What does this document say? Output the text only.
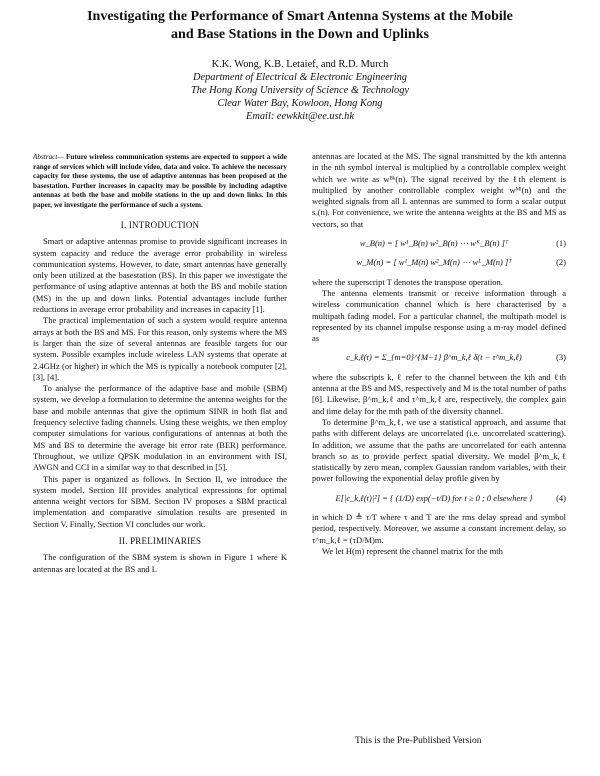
Investigating the Performance of Smart Antenna Systems at the Mobile
and Base Stations in the Down and Uplinks
K.K. Wong, K.B. Letaief, and R.D. Murch
Department of Electrical & Electronic Engineering
The Hong Kong University of Science & Technology
Clear Water Bay, Kowloon, Hong Kong
Email: eewkkit@ee.ust.hk
Abstract— Future wireless communication systems are expected to support a wide range of services which will include video, data and voice. To achieve the necessary capacity for these systems, the use of adaptive antennas has been proposed at the basestation. Further increases in capacity may be possible by including adaptive antennas at both the base and mobile stations in the up and down links. In this paper, we investigate the performance of such a system.
I. INTRODUCTION

Smart or adaptive antennas promise to provide significant increases in system capacity and reduce the average error probability in wireless communication systems. However, to date, smart antennas have generally only been utilized at the basestation (BS). In this paper we investigate the performance of using adaptive antennas at both the BS and mobile station (MS) in the up and down links. Potential advantages include further reductions in average error probability and increases in capacity [1].

The practical implementation of such a system would require antenna arrays at both the BS and MS. For this reason, only systems where the MS is larger than the size of several antennas are feasible targets for our system. Possible examples include wireless LAN systems that operate at 2.4GHz (or higher) in which the MS is typically a notebook computer [2], [3], [4].

To analyse the performance of the adaptive base and mobile (SBM) system, we develop a formulation to determine the antenna weights for the base and mobile antennas that give the optimum SINR in both flat and frequency selective fading channels. Using these weights, we then employ computer simulations for various configurations of antennas at both the MS and BS to determine the average bit error rate (BER) performance. Throughout, we utilize QPSK modulation in an environment with ISI, AWGN and CCI in a similar way to that described in [5].

This paper is organized as follows. In Section II, we introduce the system model. Section III provides analytical expressions for optimal antenna weight vectors for SBM. Section IV proposes a SBM practical implementation and comparative simulation results are presented in Section V. Finally, Section VI concludes our work.

II. PRELIMINARIES

The configuration of the SBM system is shown in Figure 1 where K antennas are located at the BS and L

antennas are located at the MS. The signal transmitted by the kth antenna in the nth symbol interval is multiplied by a controllable complex weight which we write as wᴮᵏ(n). The signal received by the ℓth element is multiplied by another controllable complex weight wᴹˡ(n) and the weighted signals from all L antennas are summed to form a scalar output sₒ(n). For convenience, we write the antenna weights at the BS and MS as vectors, so that

w_B(n) = [ w¹_B(n) w²_B(n) ⋯ wᴷ_B(n) ]ᵀ	(1)
w_M(n) = [ w¹_M(n) w²_M(n) ⋯ wᴸ_M(n) ]ᵀ	(2)

where the superscript T denotes the transpose operation.

The antenna elements transmit or receive information through a wireless communication channel which is here characterised by a multipath fading model. For a particular channel, the multipath model is represented by its channel impulse response using a m-ray model defined as

c_k,ℓ(t) = Σ_{m=0}^{M−1} β^m_k,ℓ δ(t − τ^m_k,ℓ)	(3)

where the subscripts k, ℓ refer to the channel between the kth and ℓth antenna at the BS and MS, respectively and M is the total number of paths [6]. Likewise, β^m_k,ℓ and τ^m_k,ℓ are, respectively, the complex gain and time delay for the mth path of the diversity channel.

To determine β^m_k,ℓ, we use a statistical approach, and assume that paths with different delays are uncorrelated (i.e. uncorrelated scattering). In addition, we assume that the paths are uncorrelated for each antenna branch so as to provide perfect spatial diversity. We model β^m_k,ℓ statistically by zero mean, complex Gaussian random variables, with their power following the exponential delay profile given by

E[|c_k,ℓ(t)|²] = { (1/D) exp(−t/D) for t ≥ 0 ; 0 elsewhere }	(4)

in which D ≜ τ/T where τ and T are the rms delay spread and symbol period, respectively. Moreover, we assume a constant increment delay, so τ^m_k,ℓ = (τD/M)m.

We let H(m) represent the channel matrix for the mth

This is the Pre-Published Version
